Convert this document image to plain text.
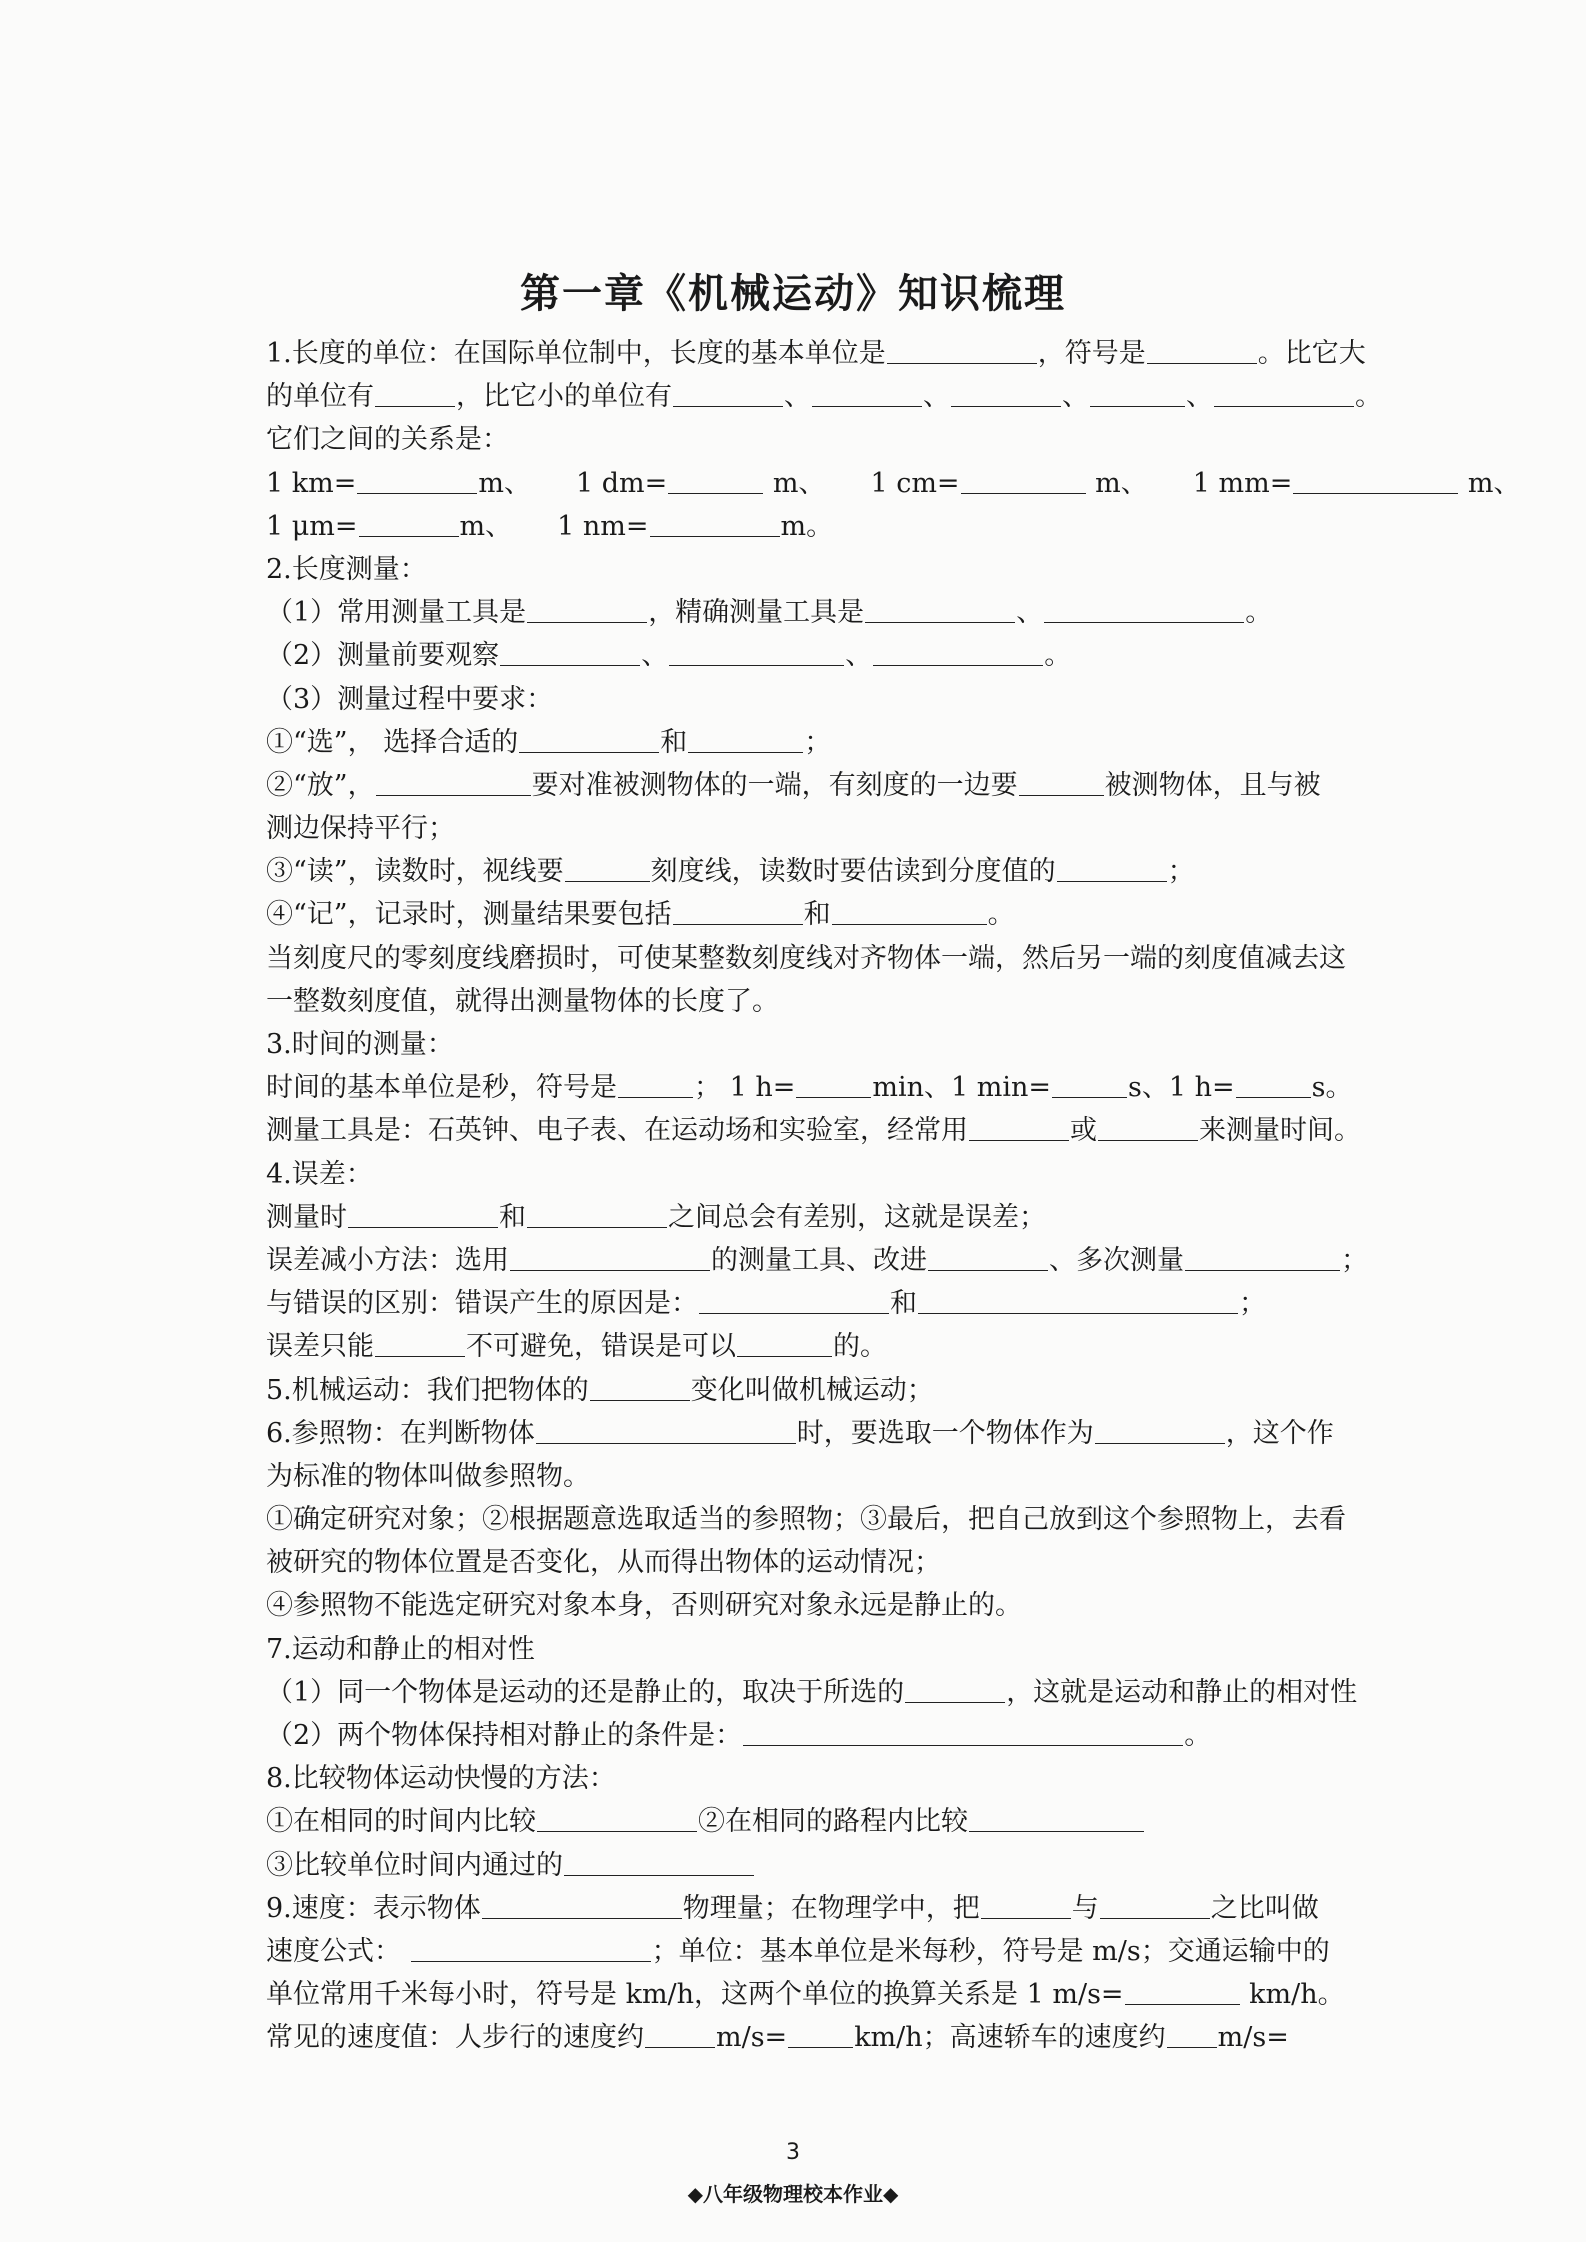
第一章《机械运动》知识梳理
1.长度的单位：在国际单位制中，长度的基本单位是	，符号是	。比它大
的单位有	，比它小的单位有	、	、	、	、	。
它们之间的关系是：
1 km=	m、 1 dm=	m、 1 cm=	m、 1 mm=	m、
1 μm=	m、 1 nm=	m。
2.长度测量：
（1）常用测量工具是	，精确测量工具是	、	。
（2）测量前要观察	、	、	。
（3）测量过程中要求：
①“选”， 选择合适的	和	；
②“放”，	要对准被测物体的一端，有刻度的一边要	被测物体，且与被
测边保持平行；
③“读”，读数时，视线要	刻度线，读数时要估读到分度值的	；
④“记”，记录时，测量结果要包括	和	。
当刻度尺的零刻度线磨损时，可使某整数刻度线对齐物体一端，然后另一端的刻度值减去这
一整数刻度值，就得出测量物体的长度了。
3.时间的测量：
时间的基本单位是秒，符号是	； 1 h=	min、1 min=	s、1 h=	s。
测量工具是：石英钟、电子表、在运动场和实验室，经常用	或	来测量时间。
4.误差：
测量时	和	之间总会有差别，这就是误差；
误差减小方法：选用	的测量工具、改进	、多次测量	；
与错误的区别：错误产生的原因是：	和	；
误差只能	不可避免，错误是可以	的。
5.机械运动：我们把物体的	变化叫做机械运动；
6.参照物：在判断物体	时，要选取一个物体作为	，这个作
为标准的物体叫做参照物。
①确定研究对象；②根据题意选取适当的参照物；③最后，把自己放到这个参照物上，去看
被研究的物体位置是否变化，从而得出物体的运动情况；
④参照物不能选定研究对象本身，否则研究对象永远是静止的。
7.运动和静止的相对性
（1）同一个物体是运动的还是静止的，取决于所选的	，这就是运动和静止的相对性
（2）两个物体保持相对静止的条件是：	。
8.比较物体运动快慢的方法：
①在相同的时间内比较	②在相同的路程内比较
③比较单位时间内通过的
9.速度：表示物体	物理量；在物理学中，把	与	之比叫做
速度公式：	；单位：基本单位是米每秒，符号是 m/s；交通运输中的
单位常用千米每小时，符号是 km/h，这两个单位的换算关系是 1 m/s=	km/h。
常见的速度值：人步行的速度约	m/s= km/h；高速轿车的速度约 m/s=
3
◆八年级物理校本作业◆
